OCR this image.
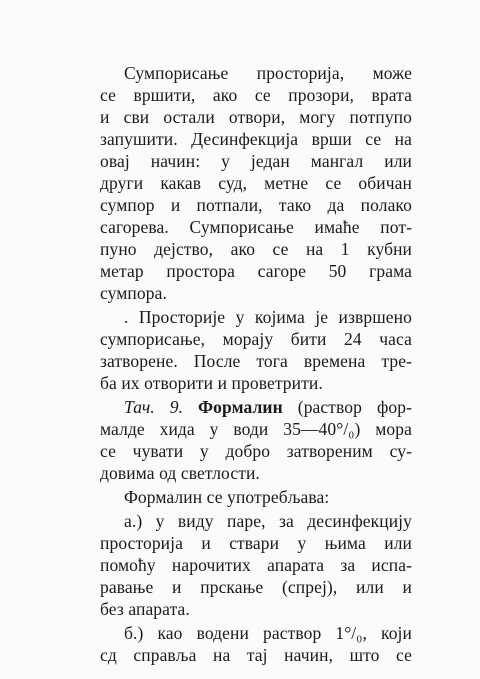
Сумпорисање просторија, може
се вршити, ако се прозори, врата
и сви остали отвори, могу потпупо
запушити. Десинфекција врши се на
овај начин: у један мангал или
други какав суд, метне се обичан
сумпор и потпали, тако да полако
сагорева. Сумпорисање имаће пот-
пуно дејство, ако се на 1 кубни
метар простора сагоре 50 грама
сумпора.
. Просторије у којима је извршено
сумпорисање, морају бити 24 часа
затворене. После тога времена тре-
ба их отворити и проветрити.
Тач. 9. Формалин (раствор фор-
малде хида у води 35—40°/₀) мора
се чувати у добро затвореним су-
довима од светлости.
Формалин се употребљава:
а.) у виду паре, за десинфекцију
просторија и ствари у њима или
помоћу нарочитих апарата за испа-
равање и прскање (спреј), или и
без апарата.
б.) као водени раствор 1°/₀, који
сд справља на тај начин, што се
